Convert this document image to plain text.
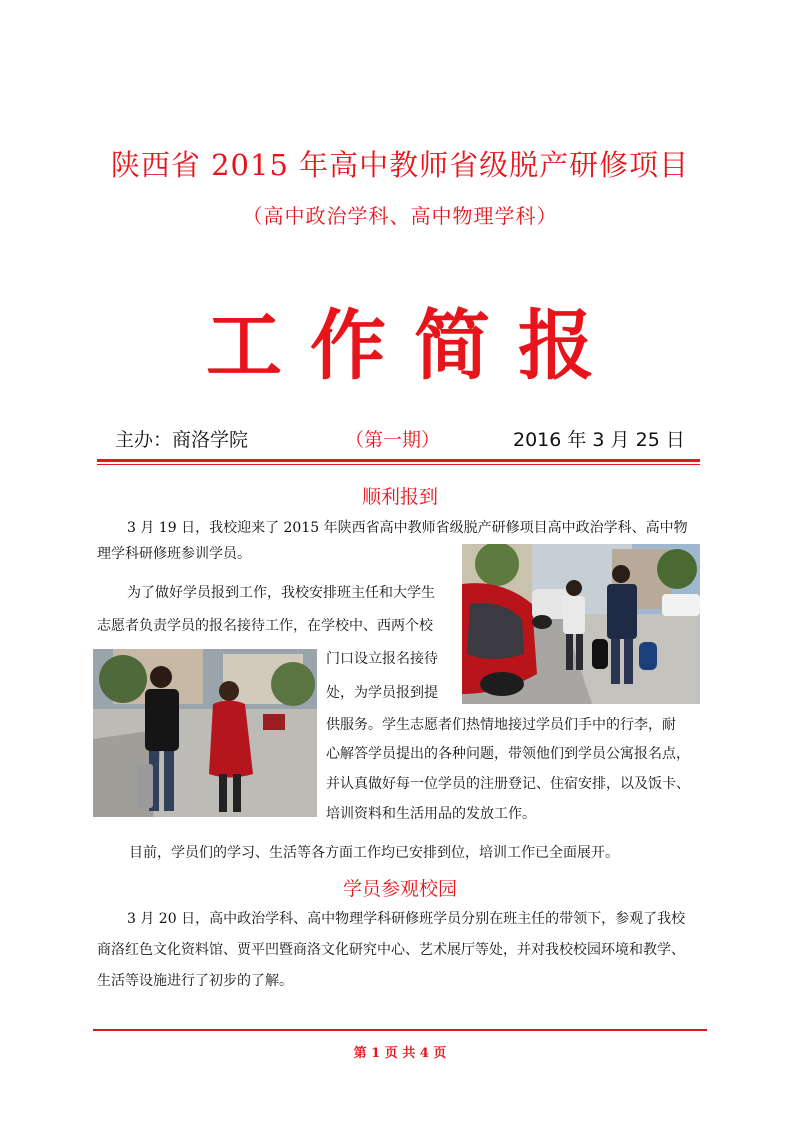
陕西省 2015 年高中教师省级脱产研修项目
（高中政治学科、高中物理学科）
工作简报
主办：商洛学院	（第一期）	2016 年 3 月 25 日
顺利报到

3 月 19 日，我校迎来了 2015 年陕西省高中教师省级脱产研修项目高中政治学科、高中物

理学科研修班参训学员。

为了做好学员报到工作，我校安排班主任和大学生

志愿者负责学员的报名接待工作，在学校中、西两个校

门口设立报名接待

处，为学员报到提

供服务。学生志愿者们热情地接过学员们手中的行李，耐

心解答学员提出的各种问题，带领他们到学员公寓报名点，

并认真做好每一位学员的注册登记、住宿安排，以及饭卡、

培训资料和生活用品的发放工作。

目前，学员们的学习、生活等各方面工作均已安排到位，培训工作已全面展开。

学员参观校园

3 月 20 日，高中政治学科、高中物理学科研修班学员分别在班主任的带领下，参观了我校

商洛红色文化资料馆、贾平凹暨商洛文化研究中心、艺术展厅等处，并对我校校园环境和教学、

生活等设施进行了初步的了解。

第 1 页 共 4 页
